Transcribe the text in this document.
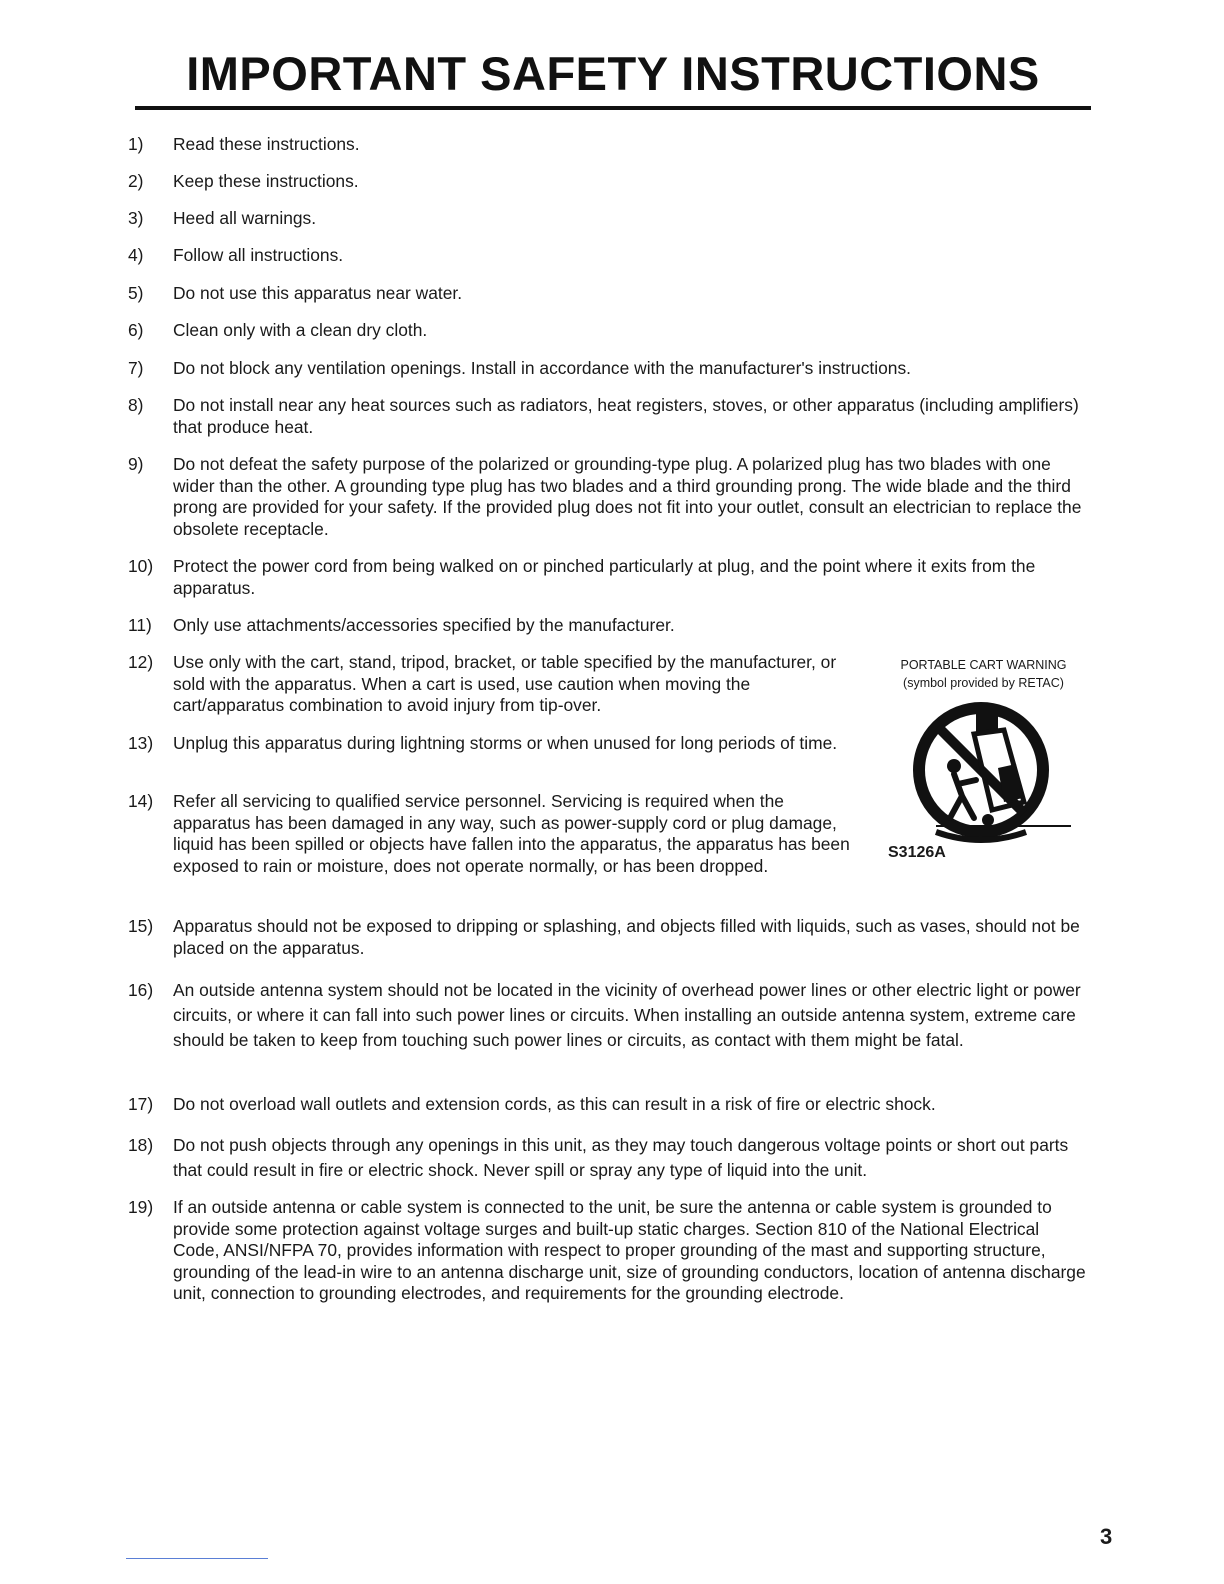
IMPORTANT SAFETY INSTRUCTIONS
1)	Read these instructions.
2)	Keep these instructions.
3)	Heed all warnings.
4)	Follow all instructions.
5)	Do not use this apparatus near water.
6)	Clean only with a clean dry cloth.
7)	Do not block any ventilation openings. Install in accordance with the manufacturer's instructions.
8)	Do not install near any heat sources such as radiators, heat registers, stoves, or other apparatus (including amplifiers) that produce heat.
9)	Do not defeat the safety purpose of the polarized or grounding-type plug. A polarized plug has two blades with one wider than the other. A grounding type plug has two blades and a third grounding prong. The wide blade and the third prong are provided for your safety. If the provided plug does not fit into your outlet, consult an electrician to replace the obsolete receptacle.
10)	Protect the power cord from being walked on or pinched particularly at plug, and the point where it exits from the apparatus.
11)	Only use attachments/accessories specified by the manufacturer.
12)	Use only with the cart, stand, tripod, bracket, or table specified by the manufacturer, or sold with the apparatus. When a cart is used, use caution when moving the cart/apparatus combination to avoid injury from tip-over.
13)	Unplug this apparatus during lightning storms or when unused for long periods of time.
14)	Refer all servicing to qualified service personnel. Servicing is required when the apparatus has been damaged in any way, such as power-supply cord or plug damage, liquid has been spilled or objects have fallen into the apparatus, the apparatus has been exposed to rain or moisture, does not operate normally, or has been dropped.
15)	Apparatus should not be exposed to dripping or splashing, and objects filled with liquids, such as vases, should not be placed on the apparatus.
16)	An outside antenna system should not be located in the vicinity of overhead power lines or other electric light or power circuits, or where it can fall into such power lines or circuits. When installing an outside antenna system, extreme care should be taken to keep from touching such power lines or circuits, as contact with them might be fatal.
17)	Do not overload wall outlets and extension cords, as this can result in a risk of fire or electric shock.
18)	Do not push objects through any openings in this unit, as they may touch dangerous voltage points or short out parts that could result in fire or electric shock. Never spill or spray any type of liquid into the unit.
19)	If an outside antenna or cable system is connected to the unit, be sure the antenna or cable system is grounded to provide some protection against voltage surges and built-up static charges. Section 810 of the National Electrical Code, ANSI/NFPA 70, provides information with respect to proper grounding of the mast and supporting structure, grounding of the lead-in wire to an antenna discharge unit, size of grounding conductors, location of antenna discharge unit, connection to grounding electrodes, and requirements for the grounding electrode.

PORTABLE CART WARNING

(symbol provided by RETAC)

S3126A
3
